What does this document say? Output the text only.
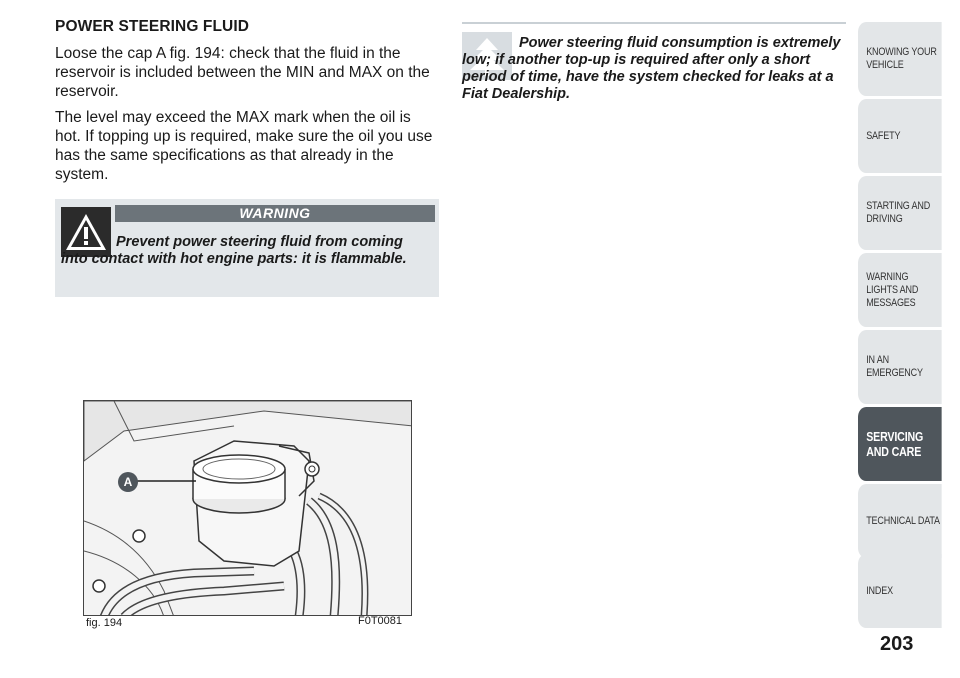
POWER STEERING FLUID

Loose the cap A fig. 194: check that the fluid in the reservoir is included between the MIN and MAX on the reservoir.

The level may exceed the MAX mark when the oil is hot. If topping up is required, make sure the oil you use has the same specifications as that already in the system.

WARNING
Prevent power steering fluid from coming into contact with hot engine parts: it is flammable.
A
fig. 194	F0T0081
Power steering fluid consumption is extremely low; if another top-up is required after only a short period of time, have the system checked for leaks at a Fiat Dealership.
KNOWING YOUR VEHICLE
SAFETY
STARTING AND DRIVING
WARNING LIGHTS AND MESSAGES
IN AN EMERGENCY
SERVICING AND CARE
TECHNICAL DATA
INDEX
203
